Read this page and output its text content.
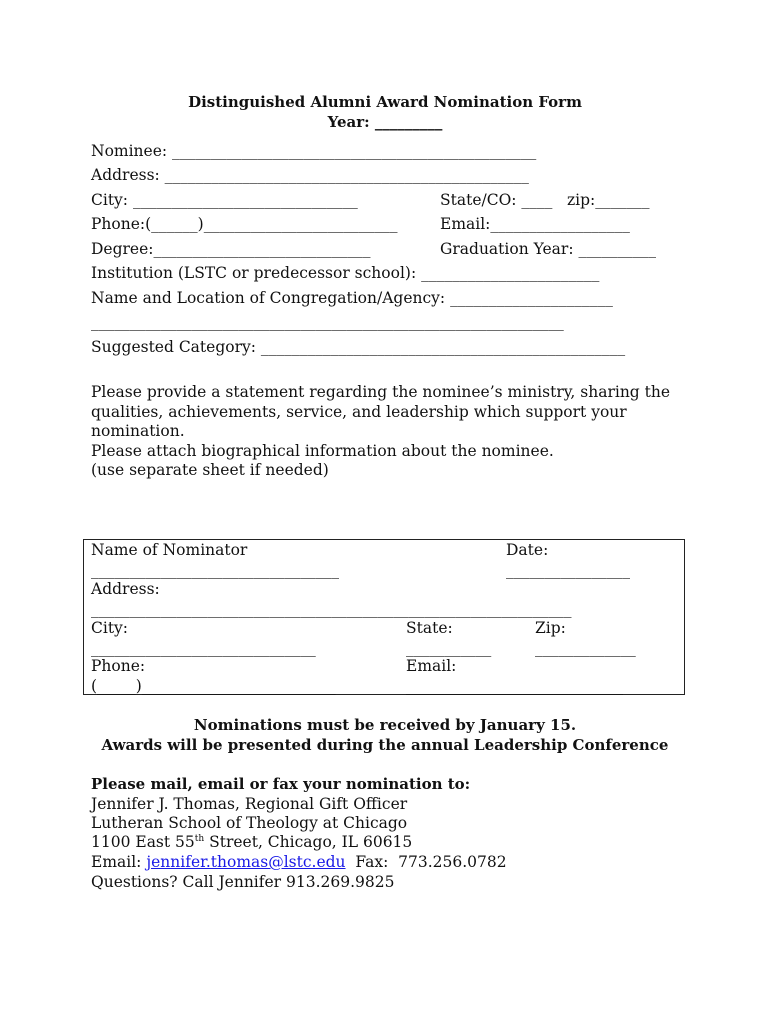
Distinguished Alumni Award Nomination Form
Year: _________
Nominee: _______________________________________________
Address: _______________________________________________
City: _____________________________	State/CO: ____ zip:_______
Phone:(______)_________________________	Email:__________________
Degree:____________________________	Graduation Year: __________
Institution (LSTC or predecessor school): _______________________
Name and Location of Congregation/Agency: _____________________
_____________________________________________________________
Suggested Category: _______________________________________________
Please provide a statement regarding the nominee’s ministry, sharing the qualities, achievements, service, and leadership which support your nomination.
Please attach biographical information about the nominee.
(use separate sheet if needed)
Name of Nominator
________________________________
Date:
________________
Address:
______________________________________________________________
City:
_____________________________
State:
___________
Zip:
_____________
Phone:
(_____)_________________________
Email:
____________________________
Nominations must be received by January 15.
Awards will be presented during the annual Leadership Conference
Please mail, email or fax your nomination to:
Jennifer J. Thomas, Regional Gift Officer
Lutheran School of Theology at Chicago
1100 East 55th Street, Chicago, IL 60615
Email: jennifer.thomas@lstc.edu  Fax:  773.256.0782
Questions? Call Jennifer 913.269.9825
